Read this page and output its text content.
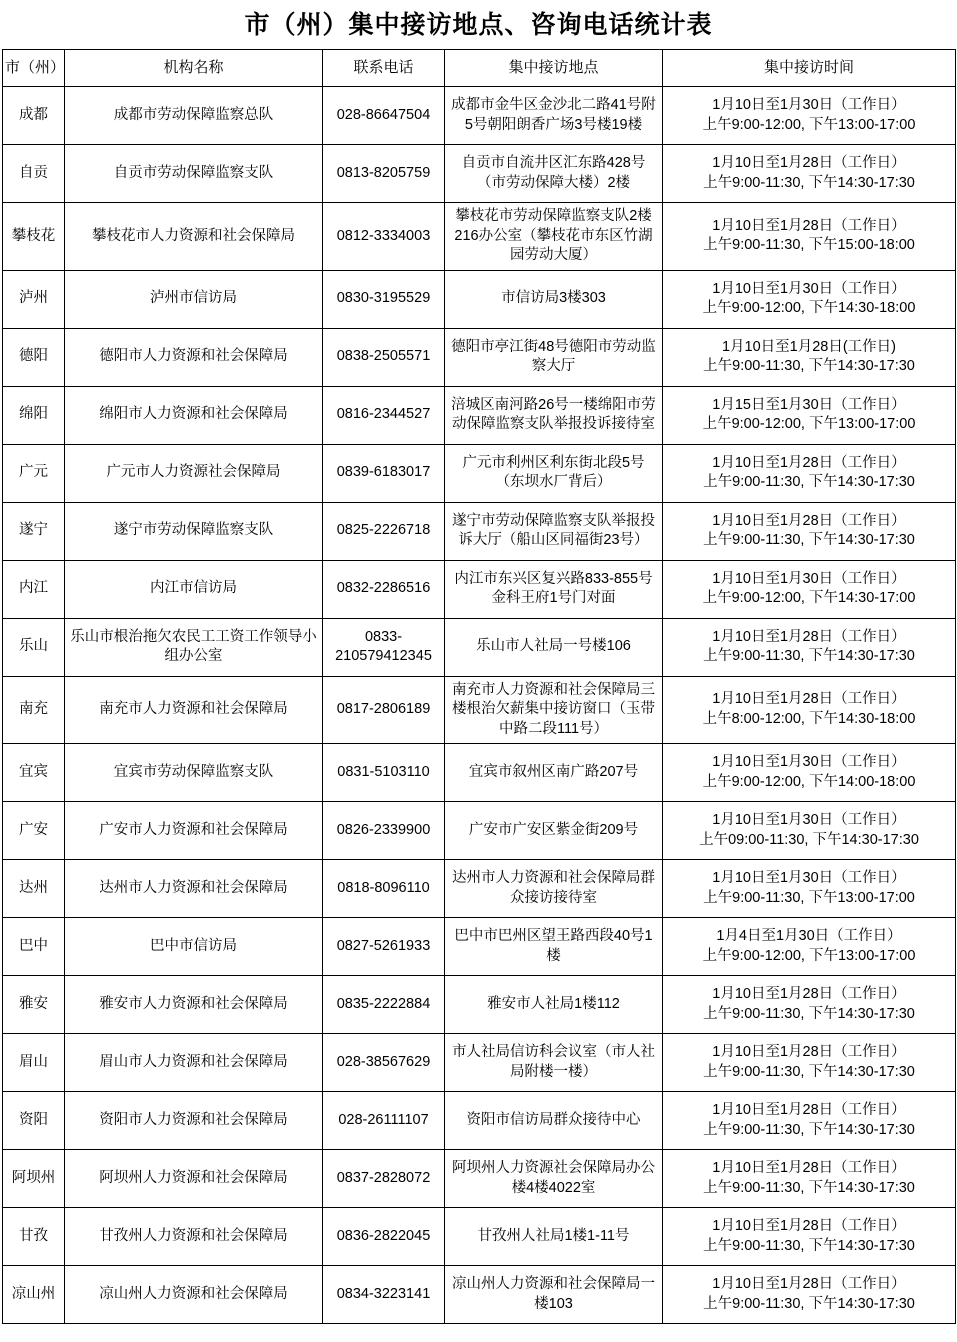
市（州）集中接访地点、咨询电话统计表
市（州）	机构名称	联系电话	集中接访地点	集中接访时间
成都	成都市劳动保障监察总队	028-86647504	成都市金牛区金沙北二路41号附5号朝阳朗香广场3号楼19楼	1月10日至1月30日（工作日）
上午9:00-12:00, 下午13:00-17:00

自贡	自贡市劳动保障监察支队	0813-8205759	自贡市自流井区汇东路428号（市劳动保障大楼）2楼	1月10日至1月28日（工作日）
上午9:00-11:30, 下午14:30-17:30

攀枝花	攀枝花市人力资源和社会保障局	0812-3334003	攀枝花市劳动保障监察支队2楼216办公室（攀枝花市东区竹湖园劳动大厦）	1月10日至1月28日（工作日）
上午9:00-11:30, 下午15:00-18:00

泸州	泸州市信访局	0830-3195529	市信访局3楼303	1月10日至1月30日（工作日）
上午9:00-12:00, 下午14:30-18:00

德阳	德阳市人力资源和社会保障局	0838-2505571	德阳市亭江街48号德阳市劳动监察大厅	1月10日至1月28日(工作日)
上午9:00-11:30, 下午14:30-17:30

绵阳	绵阳市人力资源和社会保障局	0816-2344527	涪城区南河路26号一楼绵阳市劳动保障监察支队举报投诉接待室	1月15日至1月30日（工作日）
上午9:00-12:00, 下午13:00-17:00

广元	广元市人力资源社会保障局	0839-6183017	广元市利州区利东街北段5号（东坝水厂背后）	1月10日至1月28日（工作日）
上午9:00-11:30, 下午14:30-17:30

遂宁	遂宁市劳动保障监察支队	0825-2226718	遂宁市劳动保障监察支队举报投诉大厅（船山区同福街23号）	1月10日至1月28日（工作日）
上午9:00-11:30, 下午14:30-17:30

内江	内江市信访局	0832-2286516	内江市东兴区复兴路833-855号金科王府1号门对面	1月10日至1月30日（工作日）
上午9:00-12:00, 下午14:30-17:00

乐山	乐山市根治拖欠农民工工资工作领导小组办公室	0833-210579412345	乐山市人社局一号楼106	1月10日至1月28日（工作日）
上午9:00-11:30, 下午14:30-17:30

南充	南充市人力资源和社会保障局	0817-2806189	南充市人力资源和社会保障局三楼根治欠薪集中接访窗口（玉带中路二段111号）	1月10日至1月28日（工作日）
上午8:00-12:00, 下午14:30-18:00

宜宾	宜宾市劳动保障监察支队	0831-5103110	宜宾市叙州区南广路207号	1月10日至1月30日（工作日）
上午9:00-12:00, 下午14:00-18:00

广安	广安市人力资源和社会保障局	0826-2339900	广安市广安区紫金街209号	1月10日至1月30日（工作日）
上午09:00-11:30, 下午14:30-17:30

达州	达州市人力资源和社会保障局	0818-8096110	达州市人力资源和社会保障局群众接访接待室	1月10日至1月30日（工作日）
上午9:00-11:30, 下午13:00-17:00

巴中	巴中市信访局	0827-5261933	巴中市巴州区望王路西段40号1楼	1月4日至1月30日（工作日）
上午9:00-12:00, 下午13:00-17:00

雅安	雅安市人力资源和社会保障局	0835-2222884	雅安市人社局1楼112	1月10日至1月28日（工作日）
上午9:00-11:30, 下午14:30-17:30

眉山	眉山市人力资源和社会保障局	028-38567629	市人社局信访科会议室（市人社局附楼一楼）	1月10日至1月28日（工作日）
上午9:00-11:30, 下午14:30-17:30

资阳	资阳市人力资源和社会保障局	028-26111107	资阳市信访局群众接待中心	1月10日至1月28日（工作日）
上午9:00-11:30, 下午14:30-17:30

阿坝州	阿坝州人力资源和社会保障局	0837-2828072	阿坝州人力资源社会保障局办公楼4楼4022室	1月10日至1月28日（工作日）
上午9:00-11:30, 下午14:30-17:30

甘孜	甘孜州人力资源和社会保障局	0836-2822045	甘孜州人社局1楼1-11号	1月10日至1月28日（工作日）
上午9:00-11:30, 下午14:30-17:30

凉山州	凉山州人力资源和社会保障局	0834-3223141	凉山州人力资源和社会保障局一楼103	1月10日至1月28日（工作日）
上午9:00-11:30, 下午14:30-17:30
